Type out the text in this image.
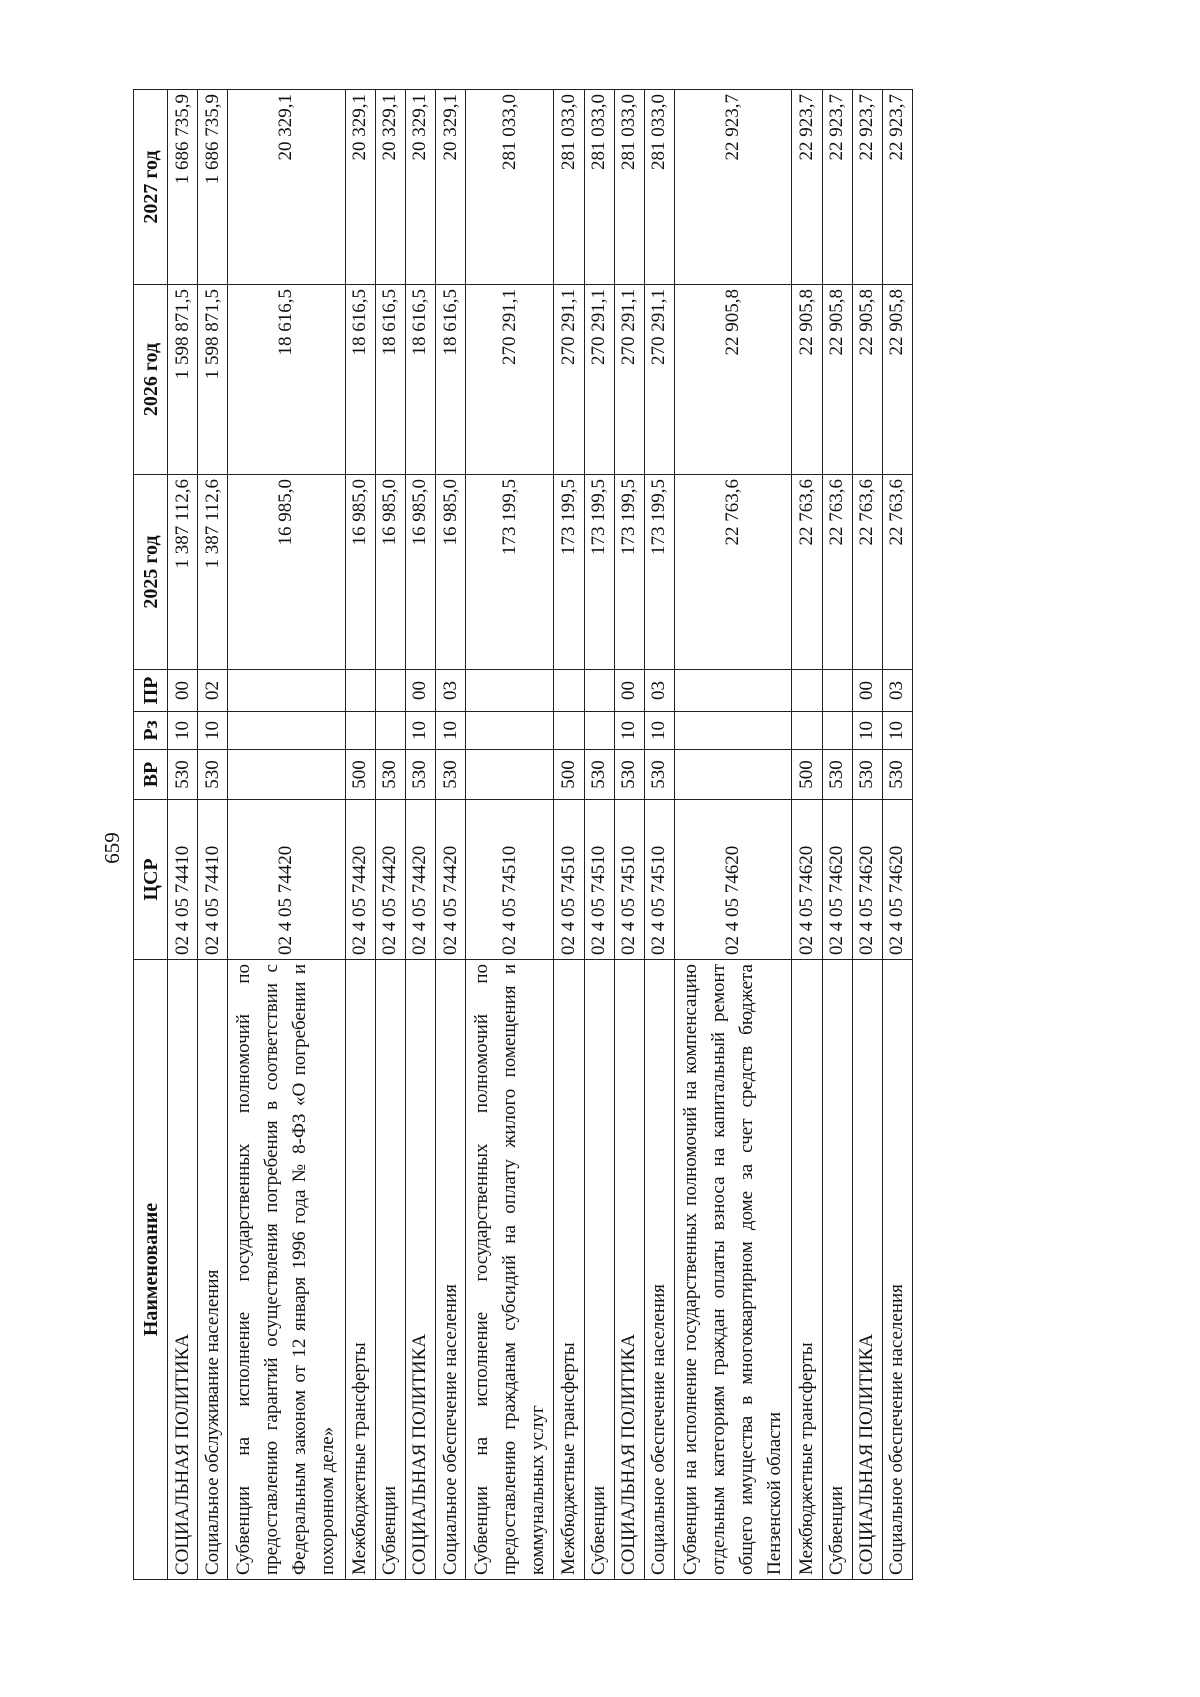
659
Наименование	ЦСР	ВР	Рз	ПР	2025 год	2026 год	2027 год
СОЦИАЛЬНАЯ ПОЛИТИКА	02 4 05 74410	530	10	00	1 387 112,6	1 598 871,5	1 686 735,9
Социальное обслуживание населения	02 4 05 74410	530	10	02	1 387 112,6	1 598 871,5	1 686 735,9
Субвенции на исполнение государственных полномочий по предоставлению гарантий осуществления погребения в соответствии с Федеральным законом от 12 января 1996 года № 8-ФЗ «О погребении и похоронном деле»	02 4 05 74420				16 985,0	18 616,5	20 329,1
Межбюджетные трансферты	02 4 05 74420	500			16 985,0	18 616,5	20 329,1
Субвенции	02 4 05 74420	530			16 985,0	18 616,5	20 329,1
СОЦИАЛЬНАЯ ПОЛИТИКА	02 4 05 74420	530	10	00	16 985,0	18 616,5	20 329,1
Социальное обеспечение населения	02 4 05 74420	530	10	03	16 985,0	18 616,5	20 329,1
Субвенции на исполнение государственных полномочий по предоставлению гражданам субсидий на оплату жилого помещения и коммунальных услуг	02 4 05 74510				173 199,5	270 291,1	281 033,0
Межбюджетные трансферты	02 4 05 74510	500			173 199,5	270 291,1	281 033,0
Субвенции	02 4 05 74510	530			173 199,5	270 291,1	281 033,0
СОЦИАЛЬНАЯ ПОЛИТИКА	02 4 05 74510	530	10	00	173 199,5	270 291,1	281 033,0
Социальное обеспечение населения	02 4 05 74510	530	10	03	173 199,5	270 291,1	281 033,0
Субвенции на исполнение государственных полномочий на компенсацию отдельным категориям граждан оплаты взноса на капитальный ремонт общего имущества в многоквартирном доме за счет средств бюджета Пензенской области	02 4 05 74620				22 763,6	22 905,8	22 923,7
Межбюджетные трансферты	02 4 05 74620	500			22 763,6	22 905,8	22 923,7
Субвенции	02 4 05 74620	530			22 763,6	22 905,8	22 923,7
СОЦИАЛЬНАЯ ПОЛИТИКА	02 4 05 74620	530	10	00	22 763,6	22 905,8	22 923,7
Социальное обеспечение населения	02 4 05 74620	530	10	03	22 763,6	22 905,8	22 923,7
